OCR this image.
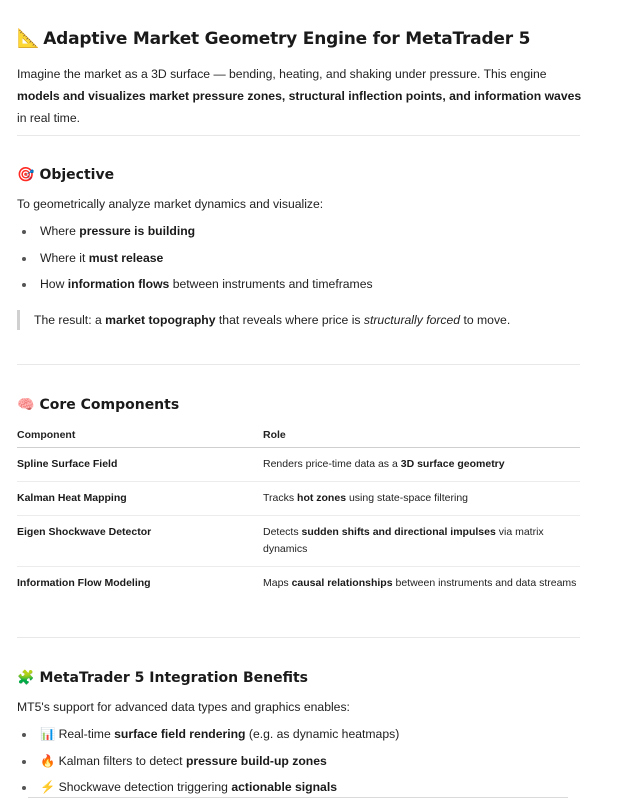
📐 Adaptive Market Geometry Engine for MetaTrader 5
Imagine the market as a 3D surface — bending, heating, and shaking under pressure. This engine models and visualizes market pressure zones, structural inflection points, and information waves in real time.
🎯 Objective
To geometrically analyze market dynamics and visualize:
Where pressure is building
Where it must release
How information flows between instruments and timeframes
The result: a market topography that reveals where price is structurally forced to move.
🧠 Core Components
Component	Role
Spline Surface Field	Renders price-time data as a 3D surface geometry
Kalman Heat Mapping	Tracks hot zones using state-space filtering
Eigen Shockwave Detector	Detects sudden shifts and directional impulses via matrix dynamics
Information Flow Modeling	Maps causal relationships between instruments and data streams
🧩 MetaTrader 5 Integration Benefits
MT5's support for advanced data types and graphics enables:
📊 Real-time surface field rendering (e.g. as dynamic heatmaps)
🔥 Kalman filters to detect pressure build-up zones
⚡ Shockwave detection triggering actionable signals
